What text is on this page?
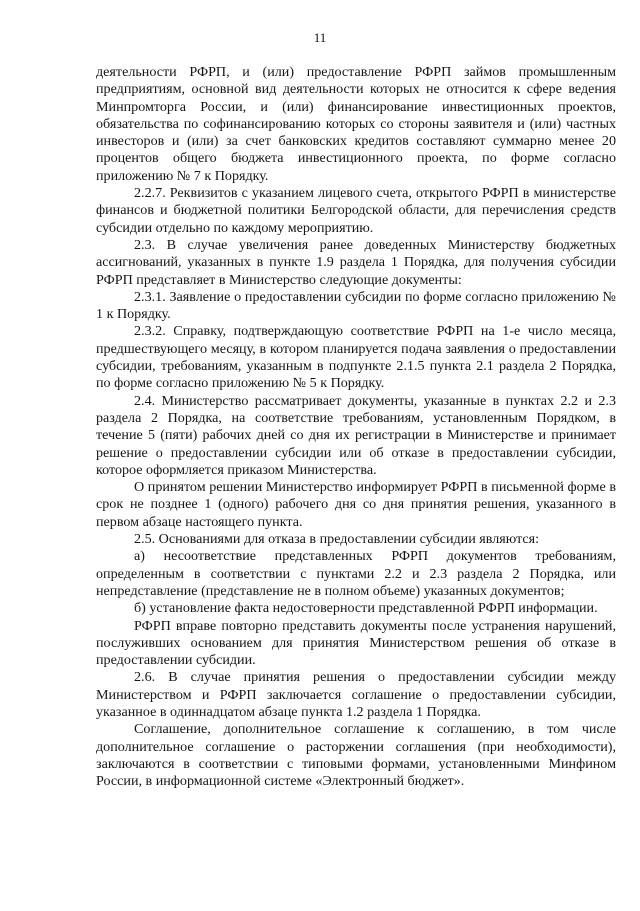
11

деятельности РФРП, и (или) предоставление РФРП займов промышленным предприятиям, основной вид деятельности которых не относится к сфере ведения Минпромторга России, и (или) финансирование инвестиционных проектов, обязательства по софинансированию которых со стороны заявителя и (или) частных инвесторов и (или) за счет банковских кредитов составляют суммарно менее 20 процентов общего бюджета инвестиционного проекта, по форме согласно приложению № 7 к Порядку.

2.2.7. Реквизитов с указанием лицевого счета, открытого РФРП в министерстве финансов и бюджетной политики Белгородской области, для перечисления средств субсидии отдельно по каждому мероприятию.

2.3. В случае увеличения ранее доведенных Министерству бюджетных ассигнований, указанных в пункте 1.9 раздела 1 Порядка, для получения субсидии РФРП представляет в Министерство следующие документы:

2.3.1. Заявление о предоставлении субсидии по форме согласно приложению № 1 к Порядку.

2.3.2. Справку, подтверждающую соответствие РФРП на 1-е число месяца, предшествующего месяцу, в котором планируется подача заявления о предоставлении субсидии, требованиям, указанным в подпункте 2.1.5 пункта 2.1 раздела 2 Порядка, по форме согласно приложению № 5 к Порядку.

2.4. Министерство рассматривает документы, указанные в пунктах 2.2 и 2.3 раздела 2 Порядка, на соответствие требованиям, установленным Порядком, в течение 5 (пяти) рабочих дней со дня их регистрации в Министерстве и принимает решение о предоставлении субсидии или об отказе в предоставлении субсидии, которое оформляется приказом Министерства.

О принятом решении Министерство информирует РФРП в письменной форме в срок не позднее 1 (одного) рабочего дня со дня принятия решения, указанного в первом абзаце настоящего пункта.

2.5. Основаниями для отказа в предоставлении субсидии являются:

а) несоответствие представленных РФРП документов требованиям, определенным в соответствии с пунктами 2.2 и 2.3 раздела 2 Порядка, или непредставление (представление не в полном объеме) указанных документов;

б) установление факта недостоверности представленной РФРП информации.

РФРП вправе повторно представить документы после устранения нарушений, послуживших основанием для принятия Министерством решения об отказе в предоставлении субсидии.

2.6. В случае принятия решения о предоставлении субсидии между Министерством и РФРП заключается соглашение о предоставлении субсидии, указанное в одиннадцатом абзаце пункта 1.2 раздела 1 Порядка.

Соглашение, дополнительное соглашение к соглашению, в том числе дополнительное соглашение о расторжении соглашения (при необходимости), заключаются в соответствии с типовыми формами, установленными Минфином России, в информационной системе «Электронный бюджет».
